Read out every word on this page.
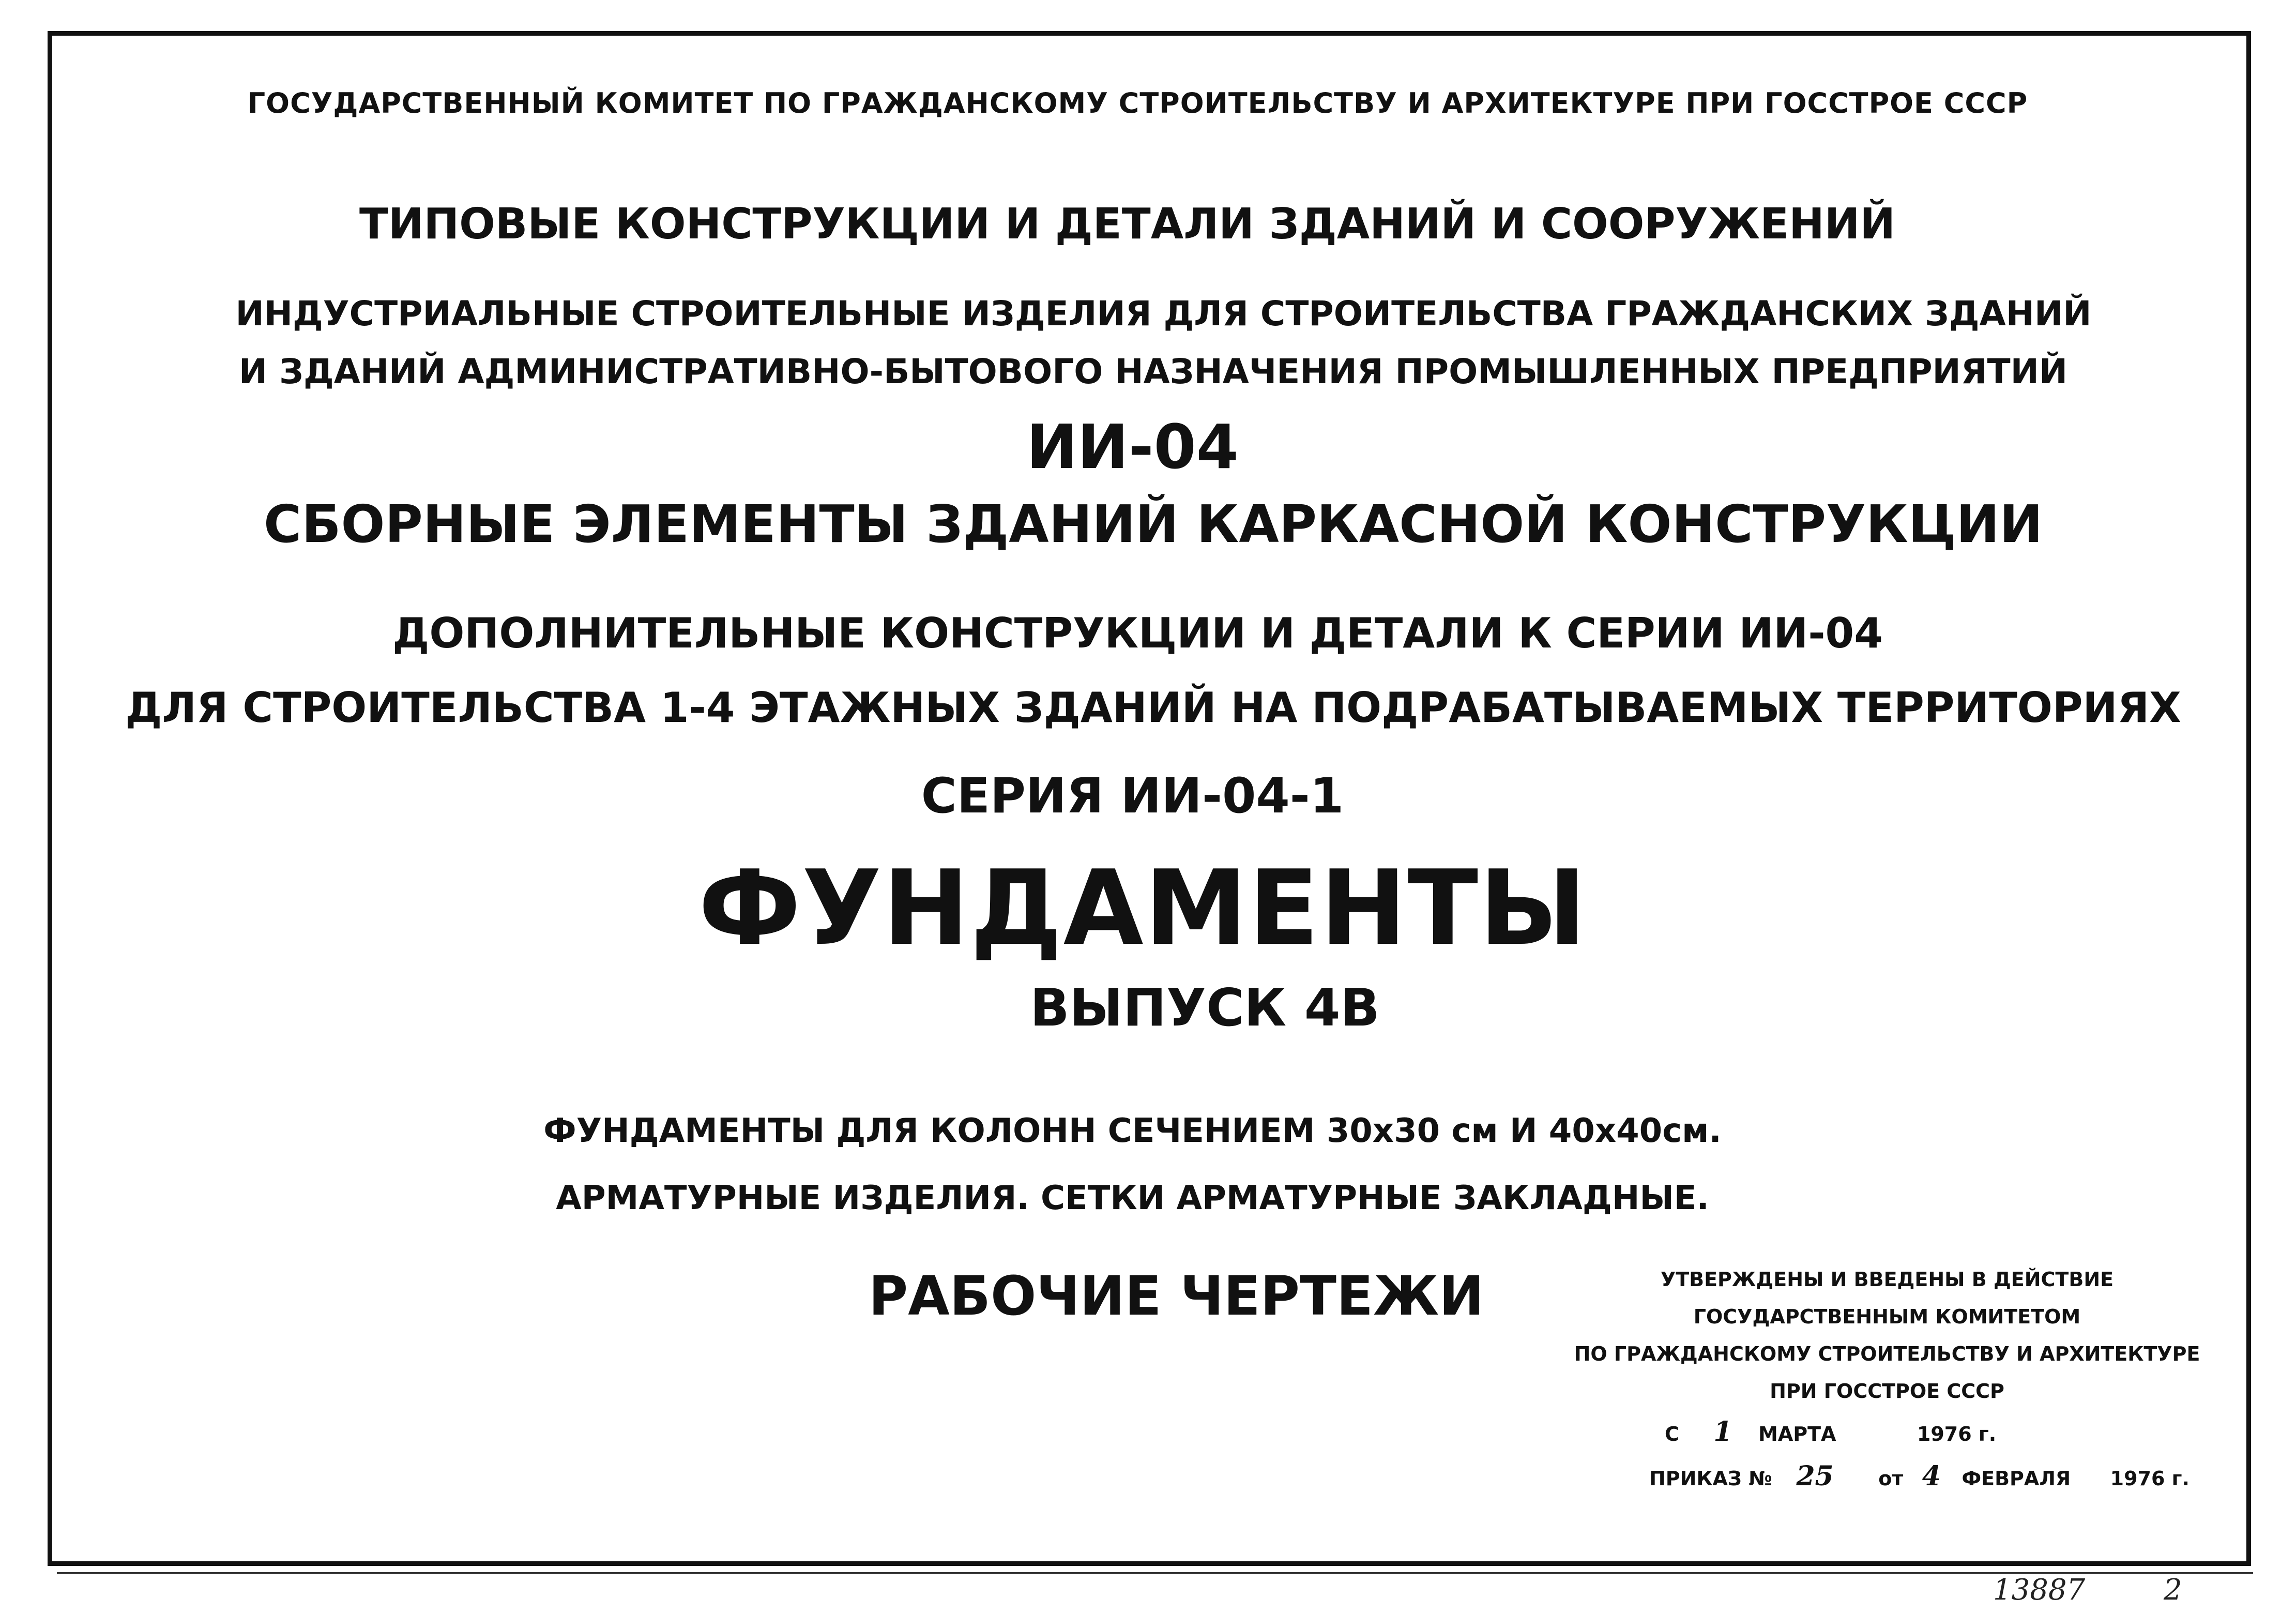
ГОСУДАРСТВЕННЫЙ КОМИТЕТ ПО ГРАЖДАНСКОМУ СТРОИТЕЛЬСТВУ И АРХИТЕКТУРЕ ПРИ ГОССТРОЕ СССР
ТИПОВЫЕ КОНСТРУКЦИИ И ДЕТАЛИ ЗДАНИЙ И СООРУЖЕНИЙ
ИНДУСТРИАЛЬНЫЕ СТРОИТЕЛЬНЫЕ ИЗДЕЛИЯ ДЛЯ СТРОИТЕЛЬСТВА ГРАЖДАНСКИХ ЗДАНИЙ
И ЗДАНИЙ АДМИНИСТРАТИВНО-БЫТОВОГО НАЗНАЧЕНИЯ ПРОМЫШЛЕННЫХ ПРЕДПРИЯТИЙ
ИИ-04
СБОРНЫЕ ЭЛЕМЕНТЫ ЗДАНИЙ КАРКАСНОЙ КОНСТРУКЦИИ
ДОПОЛНИТЕЛЬНЫЕ КОНСТРУКЦИИ И ДЕТАЛИ К СЕРИИ ИИ-04
ДЛЯ СТРОИТЕЛЬСТВА 1-4 ЭТАЖНЫХ ЗДАНИЙ НА ПОДРАБАТЫВАЕМЫХ ТЕРРИТОРИЯХ
СЕРИЯ ИИ-04-1
ФУНДАМЕНТЫ
ВЫПУСК 4В
ФУНДАМЕНТЫ ДЛЯ КОЛОНН СЕЧЕНИЕМ 30х30 см И 40х40см.
АРМАТУРНЫЕ ИЗДЕЛИЯ. СЕТКИ АРМАТУРНЫЕ ЗАКЛАДНЫЕ.
РАБОЧИЕ ЧЕРТЕЖИ	УТВЕРЖДЕНЫ И ВВЕДЕНЫ В ДЕЙСТВИЕ
ГОСУДАРСТВЕННЫМ КОМИТЕТОМ
ПО ГРАЖДАНСКОМУ СТРОИТЕЛЬСТВУ И АРХИТЕКТУРЕ
ПРИ ГОССТРОЕ СССР
С 1 МАРТА	1976 г.
ПРИКАЗ № 25 от 4 ФЕВРАЛЯ 1976 г.
13887	2
